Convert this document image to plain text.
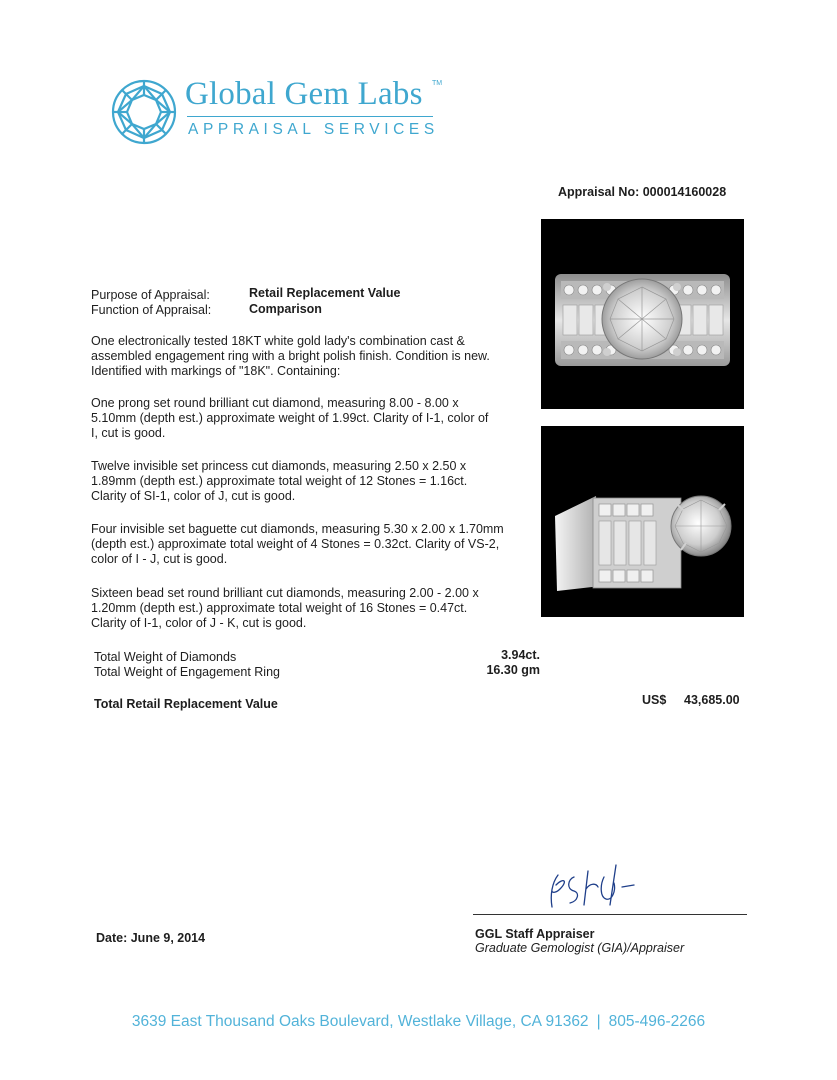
Global Gem Labs TM
APPRAISAL SERVICES
Appraisal No: 000014160028
Purpose of Appraisal:	Retail Replacement Value
Function of Appraisal:	Comparison
One electronically tested 18KT white gold lady's combination cast & assembled engagement ring with a bright polish finish. Condition is new. Identified with markings of "18K". Containing:
One prong set round brilliant cut diamond, measuring 8.00 - 8.00 x 5.10mm (depth est.) approximate weight of 1.99ct. Clarity of I-1, color of I, cut is good.
Twelve invisible set princess cut diamonds, measuring 2.50 x 2.50 x 1.89mm (depth est.) approximate total weight of 12 Stones = 1.16ct. Clarity of SI-1, color of J, cut is good.
Four invisible set baguette cut diamonds, measuring 5.30 x 2.00 x 1.70mm (depth est.) approximate total weight of 4 Stones = 0.32ct. Clarity of VS-2, color of I - J, cut is good.
Sixteen bead set round brilliant cut diamonds, measuring 2.00 - 2.00 x 1.20mm (depth est.) approximate total weight of 16 Stones = 0.47ct. Clarity of I-1, color of J - K, cut is good.
Total Weight of Diamonds	3.94ct.
Total Weight of Engagement Ring	16.30 gm
Total Retail Replacement Value	US$ 43,685.00
Date: June 9, 2014	GGL Staff Appraiser
Graduate Gemologist (GIA)/Appraiser
3639 East Thousand Oaks Boulevard, Westlake Village, CA 91362 | 805-496-2266
